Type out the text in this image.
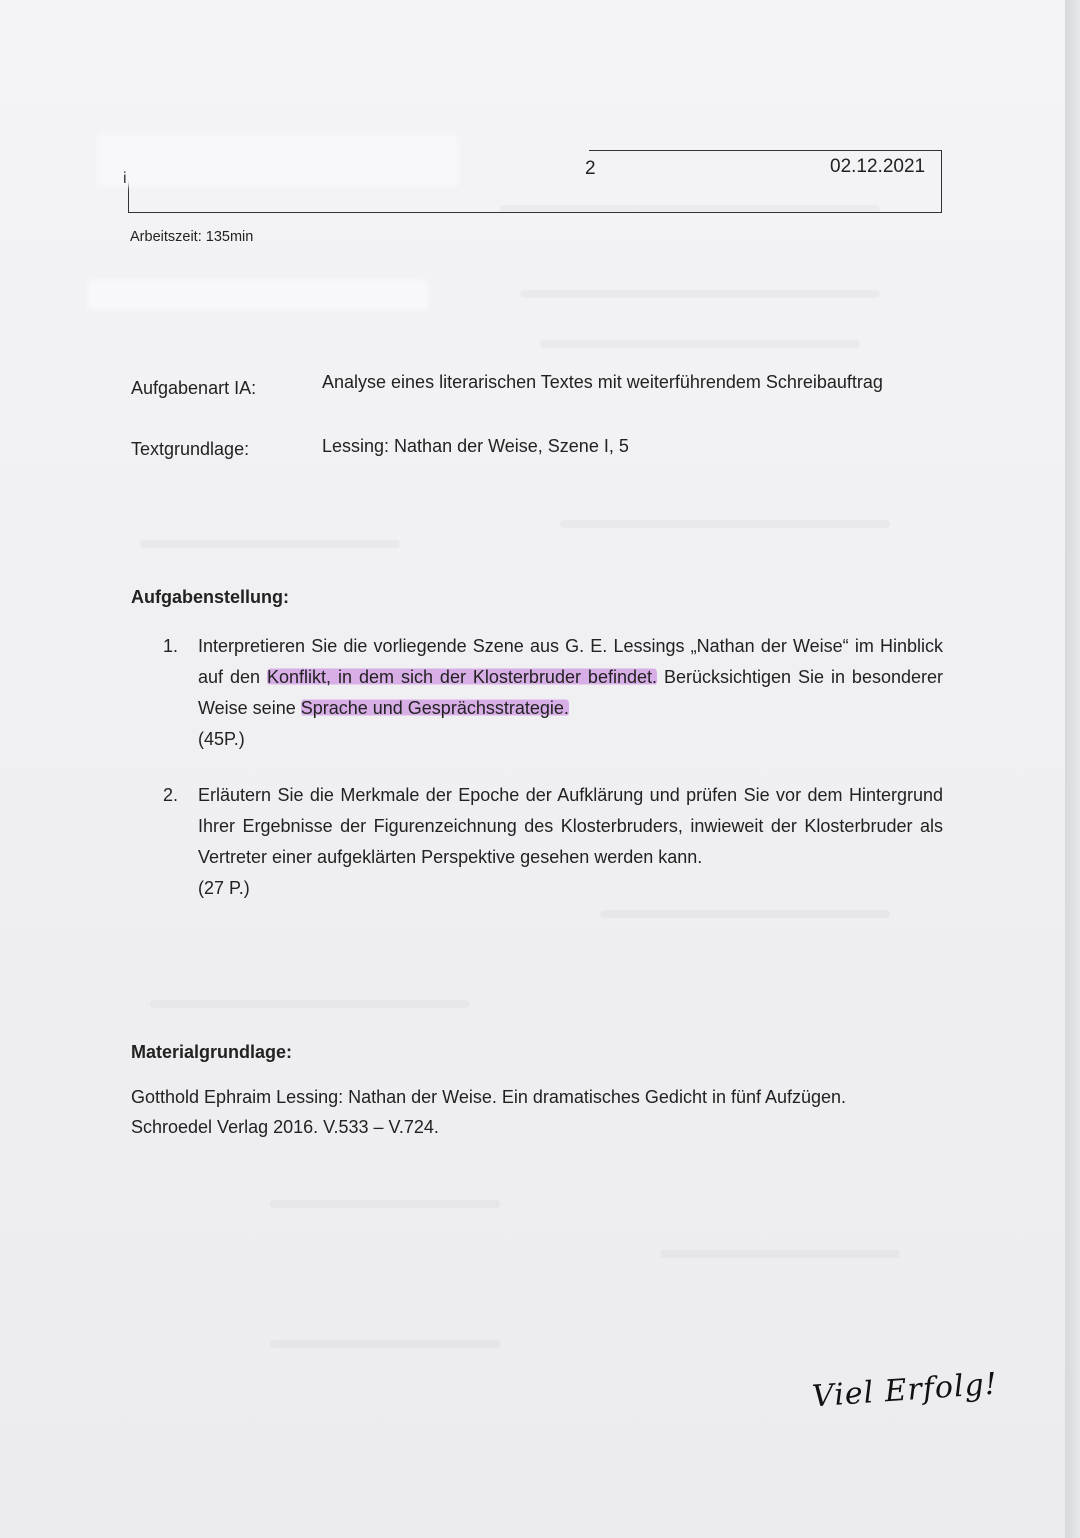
i	2	02.12.2021
Arbeitszeit: 135min
Aufgabenart IA:	Analyse eines literarischen Textes mit weiterführendem Schreibauftrag
Textgrundlage:	Lessing: Nathan der Weise, Szene I, 5
Aufgabenstellung:
1. Interpretieren Sie die vorliegende Szene aus G. E. Lessings „Nathan der Weise“ im Hinblick auf den Konflikt, in dem sich der Klosterbruder befindet. Berücksichtigen Sie in besonderer Weise seine Sprache und Gesprächsstrategie.
(45P.)
2. Erläutern Sie die Merkmale der Epoche der Aufklärung und prüfen Sie vor dem Hintergrund Ihrer Ergebnisse der Figurenzeichnung des Klosterbruders, inwieweit der Klosterbruder als Vertreter einer aufgeklärten Perspektive gesehen werden kann.
(27 P.)
Materialgrundlage:
Gotthold Ephraim Lessing: Nathan der Weise. Ein dramatisches Gedicht in fünf Aufzügen. Schroedel Verlag 2016. V.533 – V.724.
Viel Erfolg!
